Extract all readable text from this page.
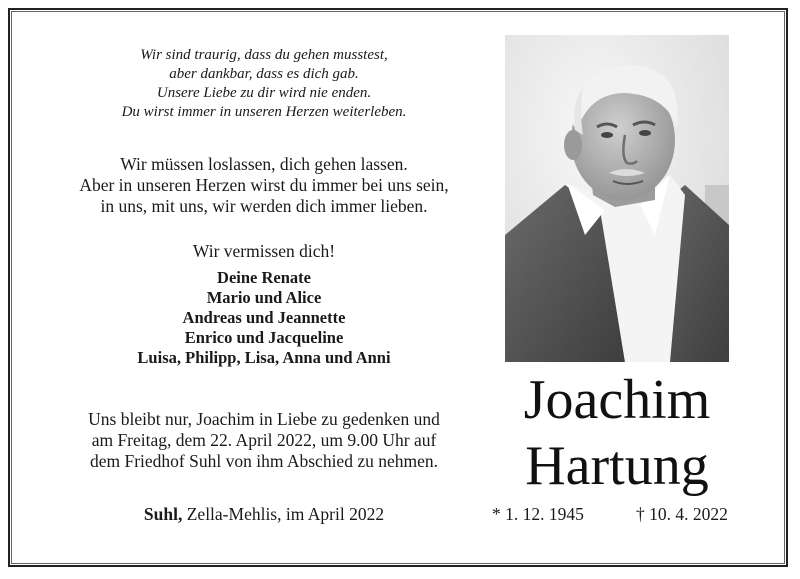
Wir sind traurig, dass du gehen musstest,
aber dankbar, dass es dich gab.
Unsere Liebe zu dir wird nie enden.
Du wirst immer in unseren Herzen weiterleben.
Wir müssen loslassen, dich gehen lassen.
Aber in unseren Herzen wirst du immer bei uns sein,
in uns, mit uns, wir werden dich immer lieben.
Wir vermissen dich!
Deine Renate
Mario und Alice
Andreas und Jeannette
Enrico und Jacqueline
Luisa, Philipp, Lisa, Anna und Anni
Uns bleibt nur, Joachim in Liebe zu gedenken und
am Freitag, dem 22. April 2022, um 9.00 Uhr auf
dem Friedhof Suhl von ihm Abschied zu nehmen.
Suhl, Zella-Mehlis, im April 2022
Joachim
Hartung
* 1. 12. 1945	† 10. 4. 2022
